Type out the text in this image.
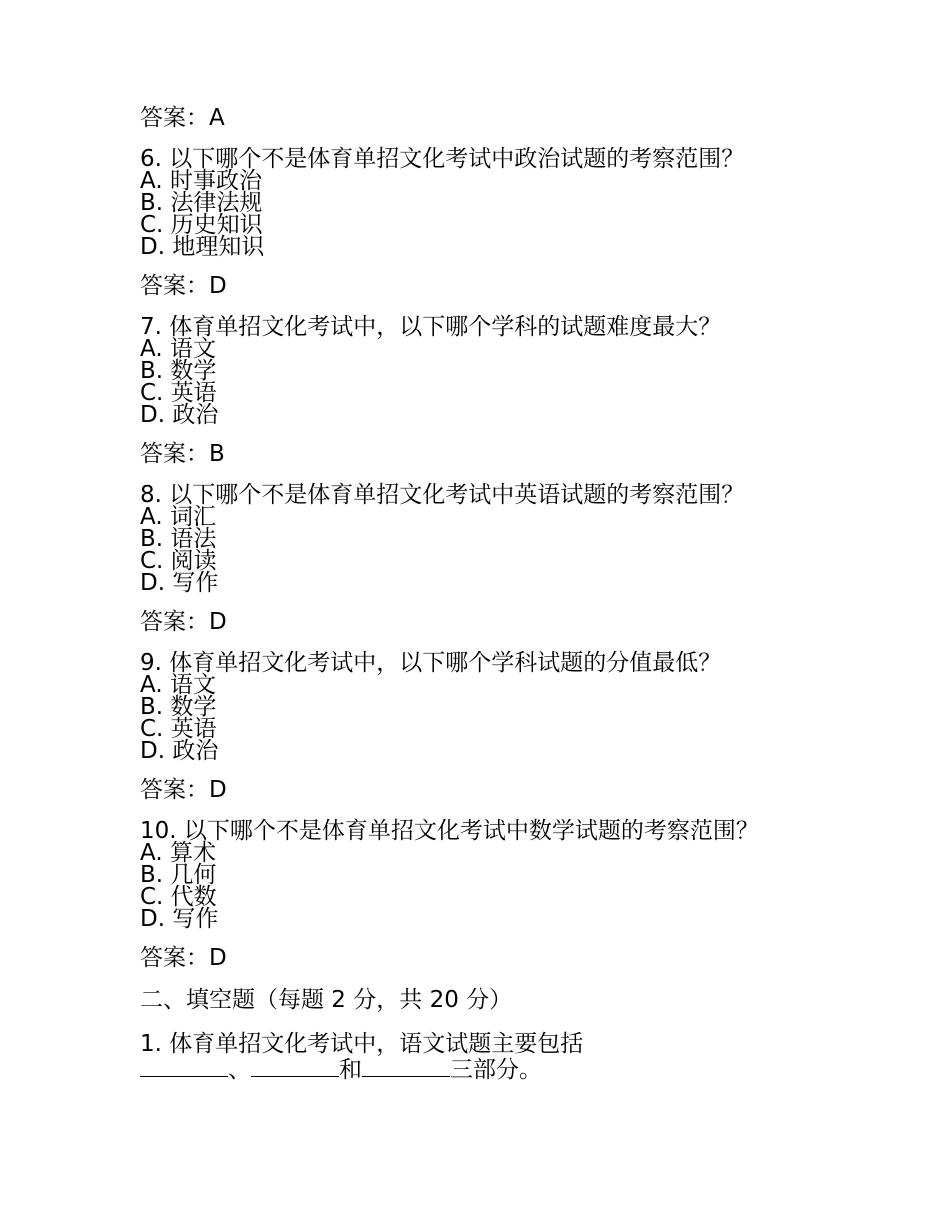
答案：A
6. 以下哪个不是体育单招文化考试中政治试题的考察范围？
A. 时事政治
B. 法律法规
C. 历史知识
D. 地理知识
答案：D
7. 体育单招文化考试中，以下哪个学科的试题难度最大？
A. 语文
B. 数学
C. 英语
D. 政治
答案：B
8. 以下哪个不是体育单招文化考试中英语试题的考察范围？
A. 词汇
B. 语法
C. 阅读
D. 写作
答案：D
9. 体育单招文化考试中，以下哪个学科试题的分值最低？
A. 语文
B. 数学
C. 英语
D. 政治
答案：D
10. 以下哪个不是体育单招文化考试中数学试题的考察范围？
A. 算术
B. 几何
C. 代数
D. 写作
答案：D
二、填空题（每题 2 分，共 20 分）
1. 体育单招文化考试中，语文试题主要包括
、	和	三部分。
